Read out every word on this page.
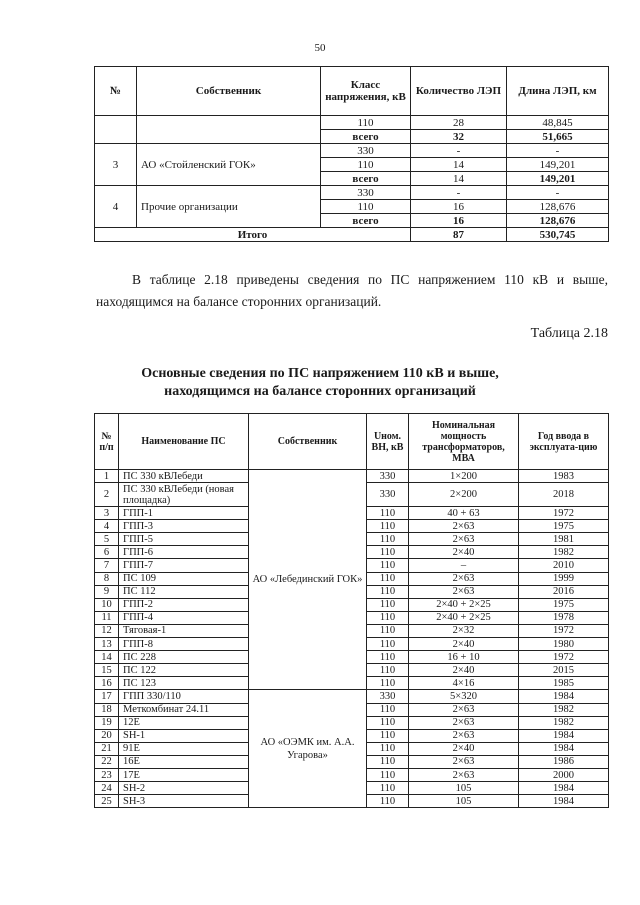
50
№	Собственник	Класс напряжения, кВ	Количество ЛЭП	Длина ЛЭП, км
		110	28	48,845
		всего	32	51,665
3	АО «Стойленский ГОК»	330	-	-
		110	14	149,201
		всего	14	149,201
4	Прочие организации	330	-	-
		110	16	128,676
		всего	16	128,676
Итого			87	530,745
В таблице 2.18 приведены сведения по ПС напряжением 110 кВ и выше, находящимся на балансе сторонних организаций.
Таблица 2.18
Основные сведения по ПС напряжением 110 кВ и выше,
находящимся на балансе сторонних организаций
№ п/п	Наименование ПС	Собственник	Uном. ВН, кВ	Номинальная мощность трансформаторов, МВА	Год ввода в эксплуата-цию
1	ПС 330 кВЛебеди	АО «Лебединский ГОК»	330	1×200	1983
2	ПС 330 кВЛебеди (новая площадка)		330	2×200	2018
3	ГПП-1		110	40 + 63	1972
4	ГПП-3		110	2×63	1975
5	ГПП-5		110	2×63	1981
6	ГПП-6		110	2×40	1982
7	ГПП-7		110	–	2010
8	ПС 109		110	2×63	1999
9	ПС 112		110	2×63	2016
10	ГПП-2		110	2×40 + 2×25	1975
11	ГПП-4		110	2×40 + 2×25	1978
12	Тяговая-1		110	2×32	1972
13	ГПП-8		110	2×40	1980
14	ПС 228		110	16 + 10	1972
15	ПС 122		110	2×40	2015
16	ПС 123		110	4×16	1985
17	ГПП 330/110	АО «ОЭМК им. А.А. Угарова»	330	5×320	1984
18	Меткомбинат 24.11		110	2×63	1982
19	12Е		110	2×63	1982
20	SH-1		110	2×63	1984
21	91Е		110	2×40	1984
22	16Е		110	2×63	1986
23	17Е		110	2×63	2000
24	SH-2		110	105	1984
25	SH-3		110	105	1984
